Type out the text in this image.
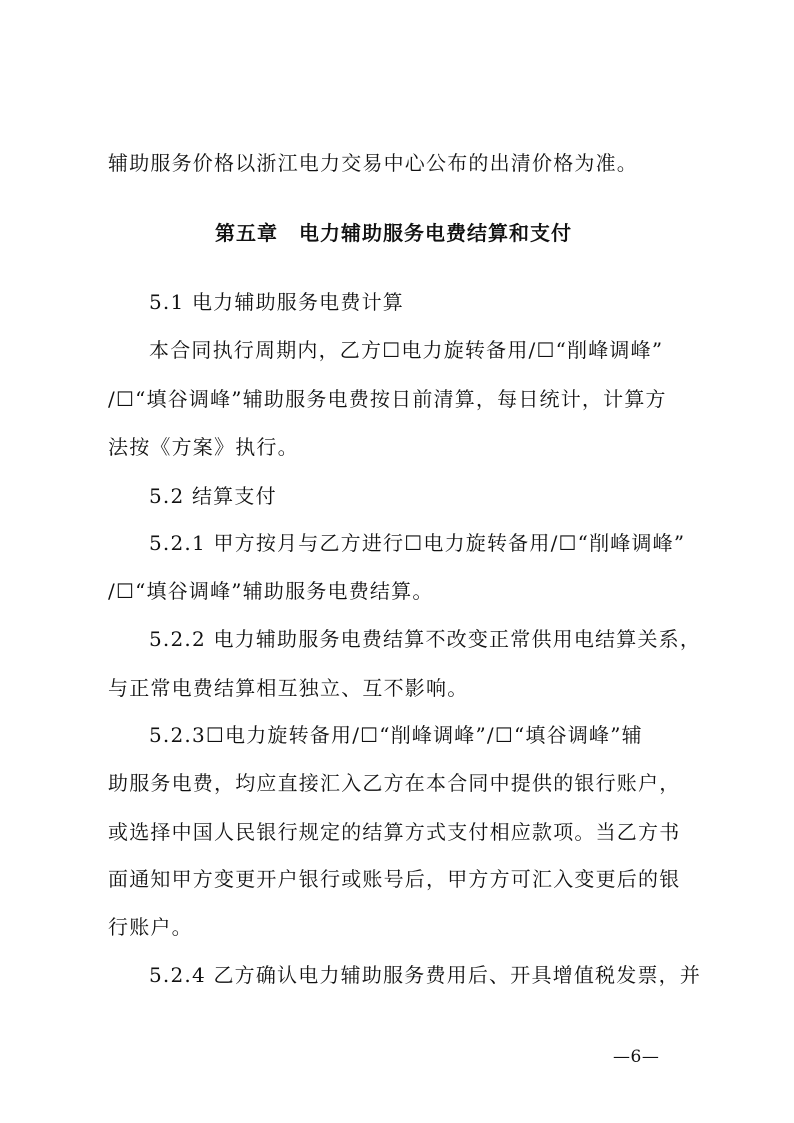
辅助服务价格以浙江电力交易中心公布的出清价格为准。
第五章　电力辅助服务电费结算和支付
5.1 电力辅助服务电费计算
本合同执行周期内，乙方☐电力旋转备用/☐“削峰调峰”
/☐“填谷调峰”辅助服务电费按日前清算，每日统计，计算方
法按《方案》执行。
5.2 结算支付
5.2.1 甲方按月与乙方进行☐电力旋转备用/☐“削峰调峰”
/☐“填谷调峰”辅助服务电费结算。
5.2.2 电力辅助服务电费结算不改变正常供用电结算关系，
与正常电费结算相互独立、互不影响。
5.2.3☐电力旋转备用/☐“削峰调峰”/☐“填谷调峰”辅
助服务电费，均应直接汇入乙方在本合同中提供的银行账户，
或选择中国人民银行规定的结算方式支付相应款项。当乙方书
面通知甲方变更开户银行或账号后，甲方方可汇入变更后的银
行账户。
5.2.4 乙方确认电力辅助服务费用后、开具增值税发票，并
—6—
